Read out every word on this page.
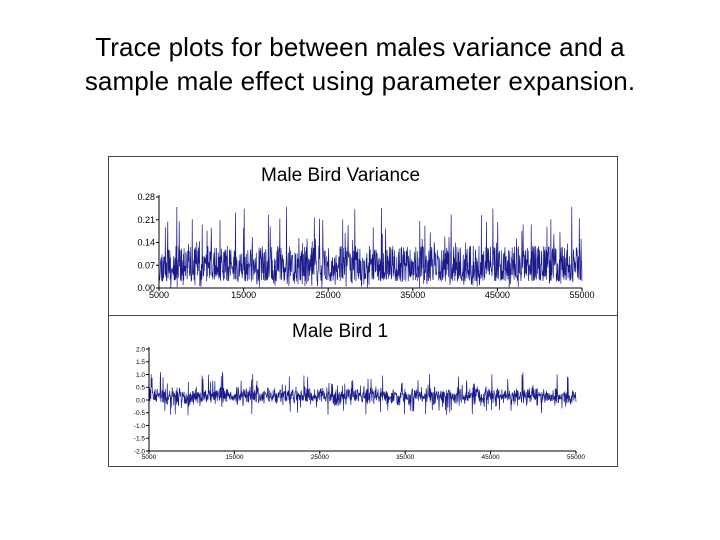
Trace plots for between males variance and a
sample male effect using parameter expansion.
Male Bird Variance
0.00
0.07
0.14
0.21
0.28
5000	15000	25000	35000	45000	55000
Male Bird 1
2.0
1.5
1.0
0.5
0.0
-0.5
-1.0
-1.5
-2.0
5000	15000	25000	35000	45000	55000
